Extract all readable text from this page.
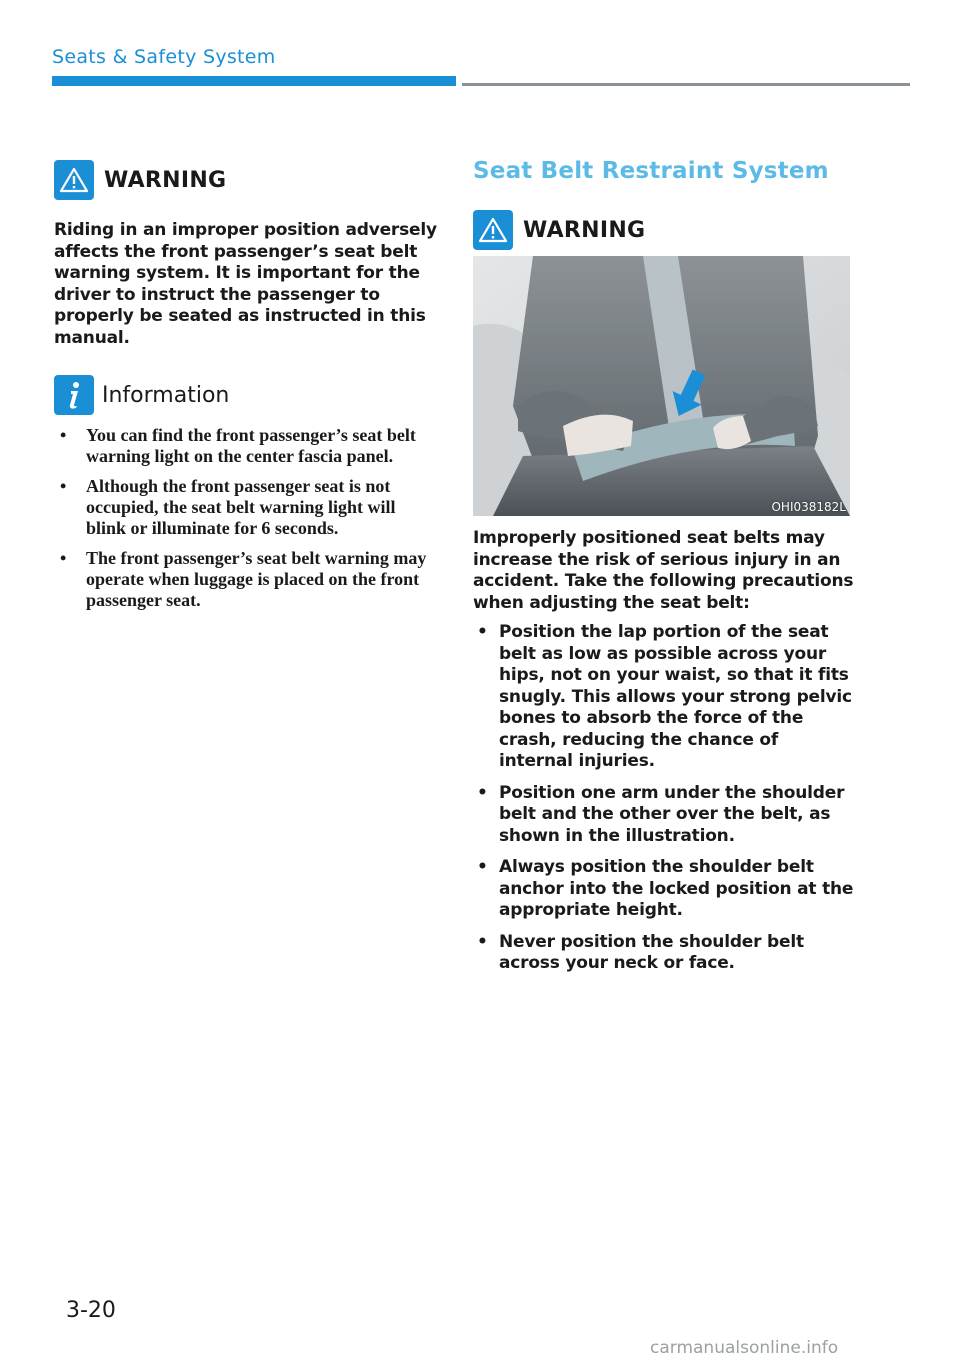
Seats & Safety System
WARNING

Riding in an improper position adversely affects the front passenger’s seat belt warning system. It is important for the driver to instruct the passenger to properly be seated as instructed in this manual.

Information
• You can find the front passenger’s seat belt warning light on the center fascia panel.
• Although the front passenger seat is not occupied, the seat belt warning light will blink or illuminate for 6 seconds.
• The front passenger’s seat belt warning may operate when luggage is placed on the front passenger seat.
Seat Belt Restraint System
WARNING
OHI038182L

Improperly positioned seat belts may increase the risk of serious injury in an accident. Take the following precautions when adjusting the seat belt:

• Position the lap portion of the seat belt as low as possible across your hips, not on your waist, so that it fits snugly. This allows your strong pelvic bones to absorb the force of the crash, reducing the chance of internal injuries.
• Position one arm under the shoulder belt and the other over the belt, as shown in the illustration.
• Always position the shoulder belt anchor into the locked position at the appropriate height.
• Never position the shoulder belt across your neck or face.
3-20
carmanualsonline.info
